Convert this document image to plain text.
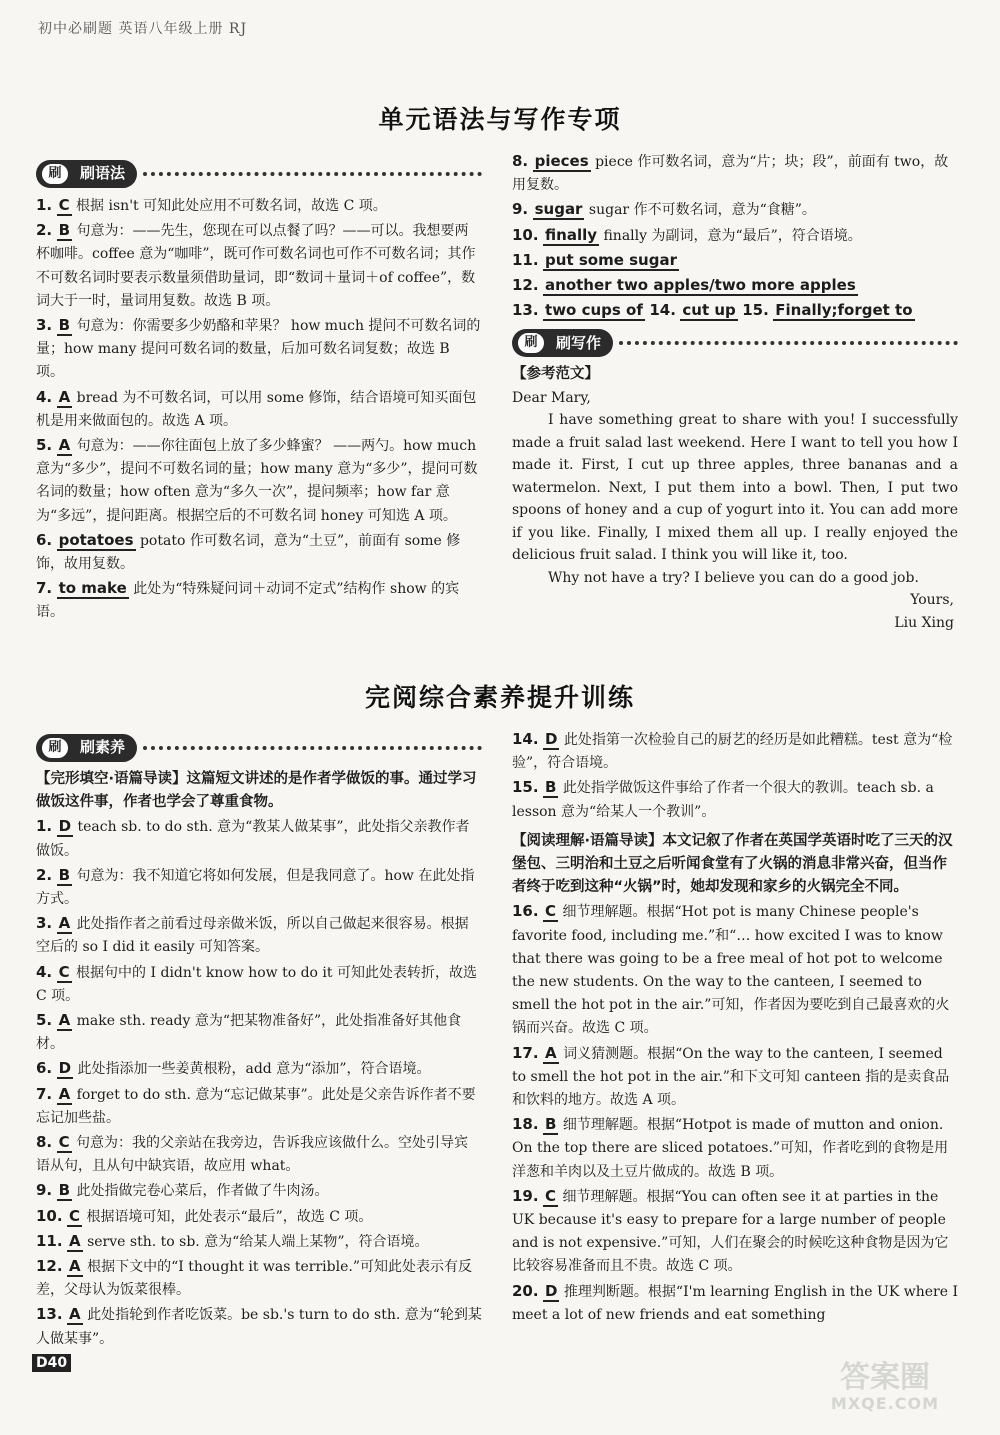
初中必刷题 英语八年级上册 RJ
单元语法与写作专项
刷	刷语法

1. C 根据 isn't 可知此处应用不可数名词，故选 C 项。

2. B 句意为：——先生，您现在可以点餐了吗？——可以。我想要两杯咖啡。coffee 意为“咖啡”，既可作可数名词也可作不可数名词；其作不可数名词时要表示数量须借助量词，即“数词＋量词＋of coffee”，数词大于一时，量词用复数。故选 B 项。

3. B 句意为：你需要多少奶酪和苹果？ how much 提问不可数名词的量；how many 提问可数名词的数量，后加可数名词复数；故选 B 项。

4. A bread 为不可数名词，可以用 some 修饰，结合语境可知买面包机是用来做面包的。故选 A 项。

5. A 句意为：——你往面包上放了多少蜂蜜？ ——两勺。how much 意为“多少”，提问不可数名词的量；how many 意为“多少”，提问可数名词的数量；how often 意为“多久一次”，提问频率；how far 意为“多远”，提问距离。根据空后的不可数名词 honey 可知选 A 项。

6. potatoes potato 作可数名词，意为“土豆”，前面有 some 修饰，故用复数。

7. to make 此处为“特殊疑问词＋动词不定式”结构作 show 的宾语。

8. pieces piece 作可数名词，意为“片；块；段”，前面有 two，故用复数。

9. sugar sugar 作不可数名词，意为“食糖”。

10. finally finally 为副词，意为“最后”，符合语境。

11. put some sugar

12. another two apples/two more apples

13. two cups of 14. cut up 15. Finally;forget to

刷	刷写作
【参考范文】
Dear Mary,
I have something great to share with you! I successfully made a fruit salad last weekend. Here I want to tell you how I made it. First, I cut up three apples, three bananas and a watermelon. Next, I put them into a bowl. Then, I put two spoons of honey and a cup of yogurt into it. You can add more if you like. Finally, I mixed them all up. I really enjoyed the delicious fruit salad. I think you will like it, too.
Why not have a try? I believe you can do a good job.
Yours,
Liu Xing
完阅综合素养提升训练
刷	刷素养

【完形填空·语篇导读】这篇短文讲述的是作者学做饭的事。通过学习做饭这件事，作者也学会了尊重食物。

1. D teach sb. to do sth. 意为“教某人做某事”，此处指父亲教作者做饭。

2. B 句意为：我不知道它将如何发展，但是我同意了。how 在此处指方式。

3. A 此处指作者之前看过母亲做米饭，所以自己做起来很容易。根据空后的 so I did it easily 可知答案。

4. C 根据句中的 I didn't know how to do it 可知此处表转折，故选 C 项。

5. A make sth. ready 意为“把某物准备好”，此处指准备好其他食材。

6. D 此处指添加一些姜黄根粉，add 意为“添加”，符合语境。

7. A forget to do sth. 意为“忘记做某事”。此处是父亲告诉作者不要忘记加些盐。

8. C 句意为：我的父亲站在我旁边，告诉我应该做什么。空处引导宾语从句，且从句中缺宾语，故应用 what。

9. B 此处指做完卷心菜后，作者做了牛肉汤。

10. C 根据语境可知，此处表示“最后”，故选 C 项。

11. A serve sth. to sb. 意为“给某人端上某物”，符合语境。

12. A 根据下文中的“I thought it was terrible.”可知此处表示有反差，父母认为饭菜很棒。

13. A 此处指轮到作者吃饭菜。be sb.'s turn to do sth. 意为“轮到某人做某事”。

14. D 此处指第一次检验自己的厨艺的经历是如此糟糕。test 意为“检验”，符合语境。

15. B 此处指学做饭这件事给了作者一个很大的教训。teach sb. a lesson 意为“给某人一个教训”。

【阅读理解·语篇导读】本文记叙了作者在英国学英语时吃了三天的汉堡包、三明治和土豆之后听闻食堂有了火锅的消息非常兴奋，但当作者终于吃到这种“火锅”时，她却发现和家乡的火锅完全不同。

16. C 细节理解题。根据“Hot pot is many Chinese people's favorite food, including me.”和“… how excited I was to know that there was going to be a free meal of hot pot to welcome the new students. On the way to the canteen, I seemed to smell the hot pot in the air.”可知，作者因为要吃到自己最喜欢的火锅而兴奋。故选 C 项。

17. A 词义猜测题。根据“On the way to the canteen, I seemed to smell the hot pot in the air.”和下文可知 canteen 指的是卖食品和饮料的地方。故选 A 项。

18. B 细节理解题。根据“Hotpot is made of mutton and onion. On the top there are sliced potatoes.”可知，作者吃到的食物是用洋葱和羊肉以及土豆片做成的。故选 B 项。

19. C 细节理解题。根据“You can often see it at parties in the UK because it's easy to prepare for a large number of people and is not expensive.”可知，人们在聚会的时候吃这种食物是因为它比较容易准备而且不贵。故选 C 项。

20. D 推理判断题。根据“I'm learning English in the UK where I meet a lot of new friends and eat something

D40	答案圈
MXQE.COM
